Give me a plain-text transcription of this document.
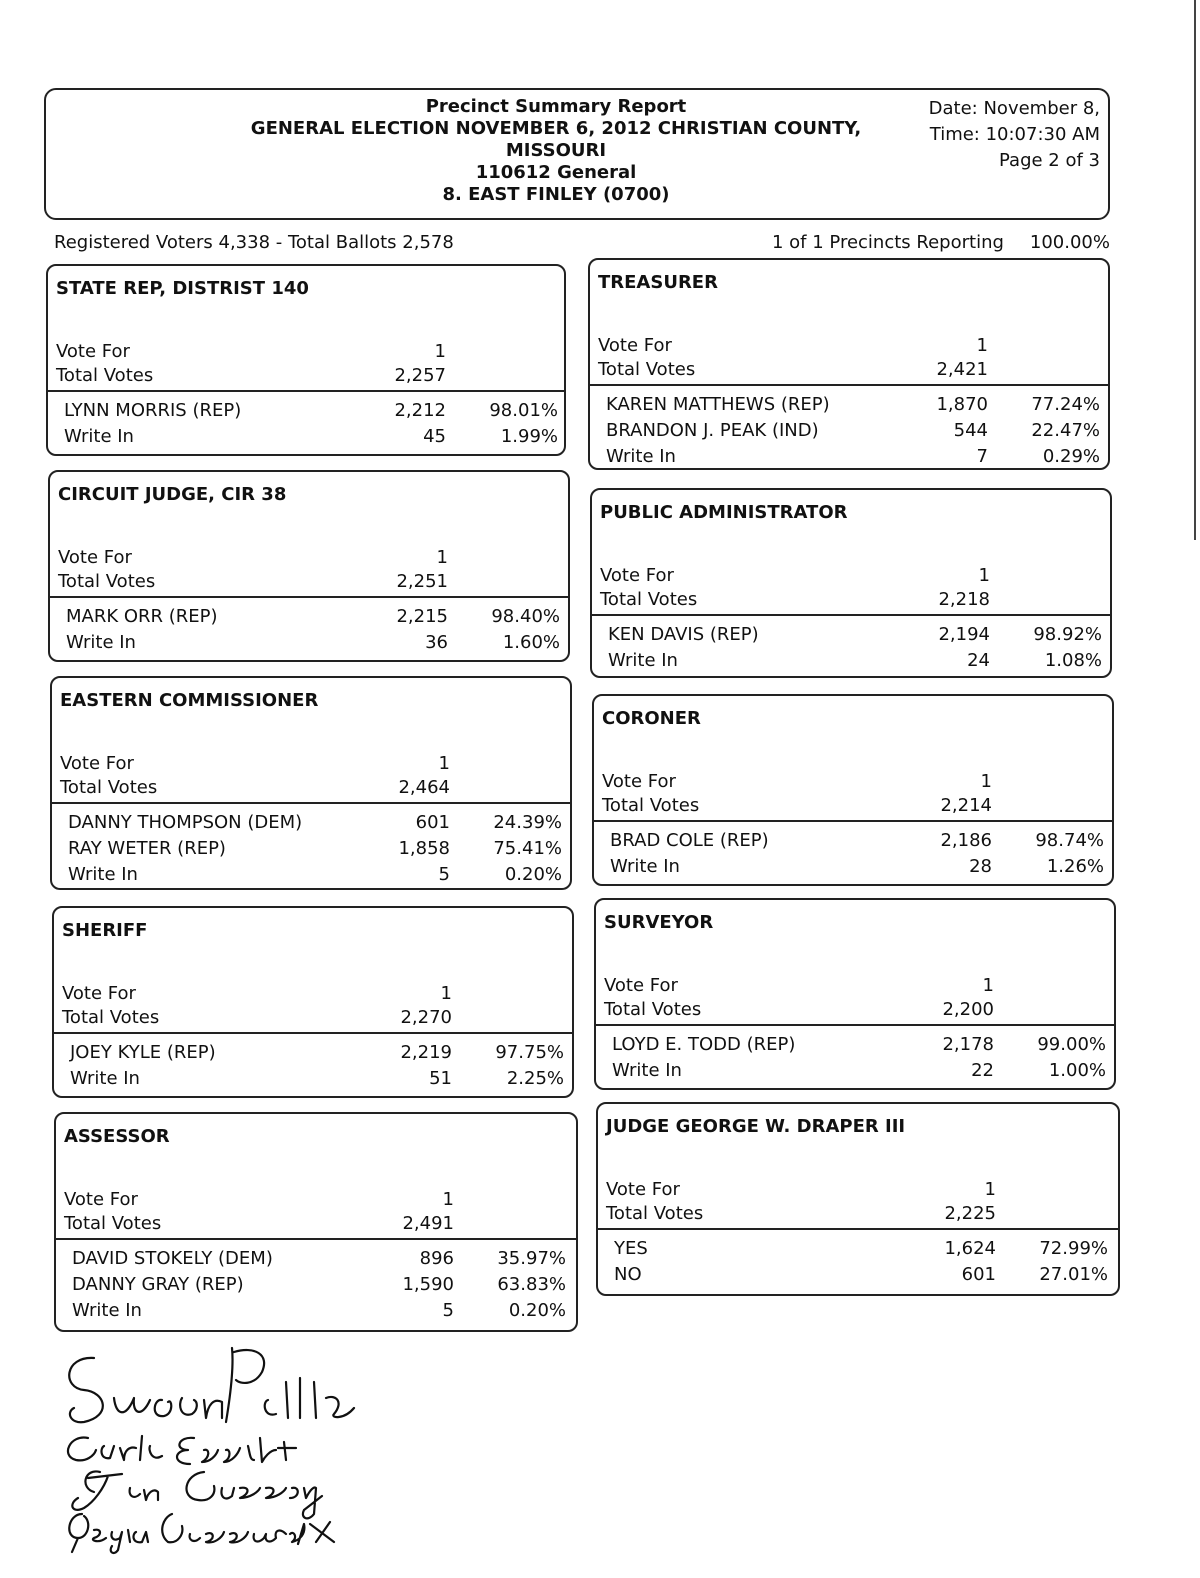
Precinct Summary Report
GENERAL ELECTION NOVEMBER 6, 2012 CHRISTIAN COUNTY,
MISSOURI
110612 General
8. EAST FINLEY (0700)
Date: November 8,
Time: 10:07:30 AM
Page 2 of 3
Registered Voters 4,338 - Total Ballots 2,578	1 of 1 Precincts Reporting 100.00%
STATE REP, DISTRIST 140
Vote For	1
Total Votes	2,257
LYNN MORRIS (REP)	2,212	98.01%
Write In	45	1.99%
CIRCUIT JUDGE, CIR 38
Vote For	1
Total Votes	2,251
MARK ORR (REP)	2,215	98.40%
Write In	36	1.60%
EASTERN COMMISSIONER
Vote For	1
Total Votes	2,464
DANNY THOMPSON (DEM)	601	24.39%
RAY WETER (REP)	1,858	75.41%
Write In	5	0.20%
SHERIFF
Vote For	1
Total Votes	2,270
JOEY KYLE (REP)	2,219	97.75%
Write In	51	2.25%
ASSESSOR
Vote For	1
Total Votes	2,491
DAVID STOKELY (DEM)	896	35.97%
DANNY GRAY (REP)	1,590	63.83%
Write In	5	0.20%
TREASURER
Vote For	1
Total Votes	2,421
KAREN MATTHEWS (REP)	1,870	77.24%
BRANDON J. PEAK (IND)	544	22.47%
Write In	7	0.29%
PUBLIC ADMINISTRATOR
Vote For	1
Total Votes	2,218
KEN DAVIS (REP)	2,194	98.92%
Write In	24	1.08%
CORONER
Vote For	1
Total Votes	2,214
BRAD COLE (REP)	2,186	98.74%
Write In	28	1.26%
SURVEYOR
Vote For	1
Total Votes	2,200
LOYD E. TODD (REP)	2,178	99.00%
Write In	22	1.00%
JUDGE GEORGE W. DRAPER III
Vote For	1
Total Votes	2,225
YES	1,624	72.99%
NO	601	27.01%
